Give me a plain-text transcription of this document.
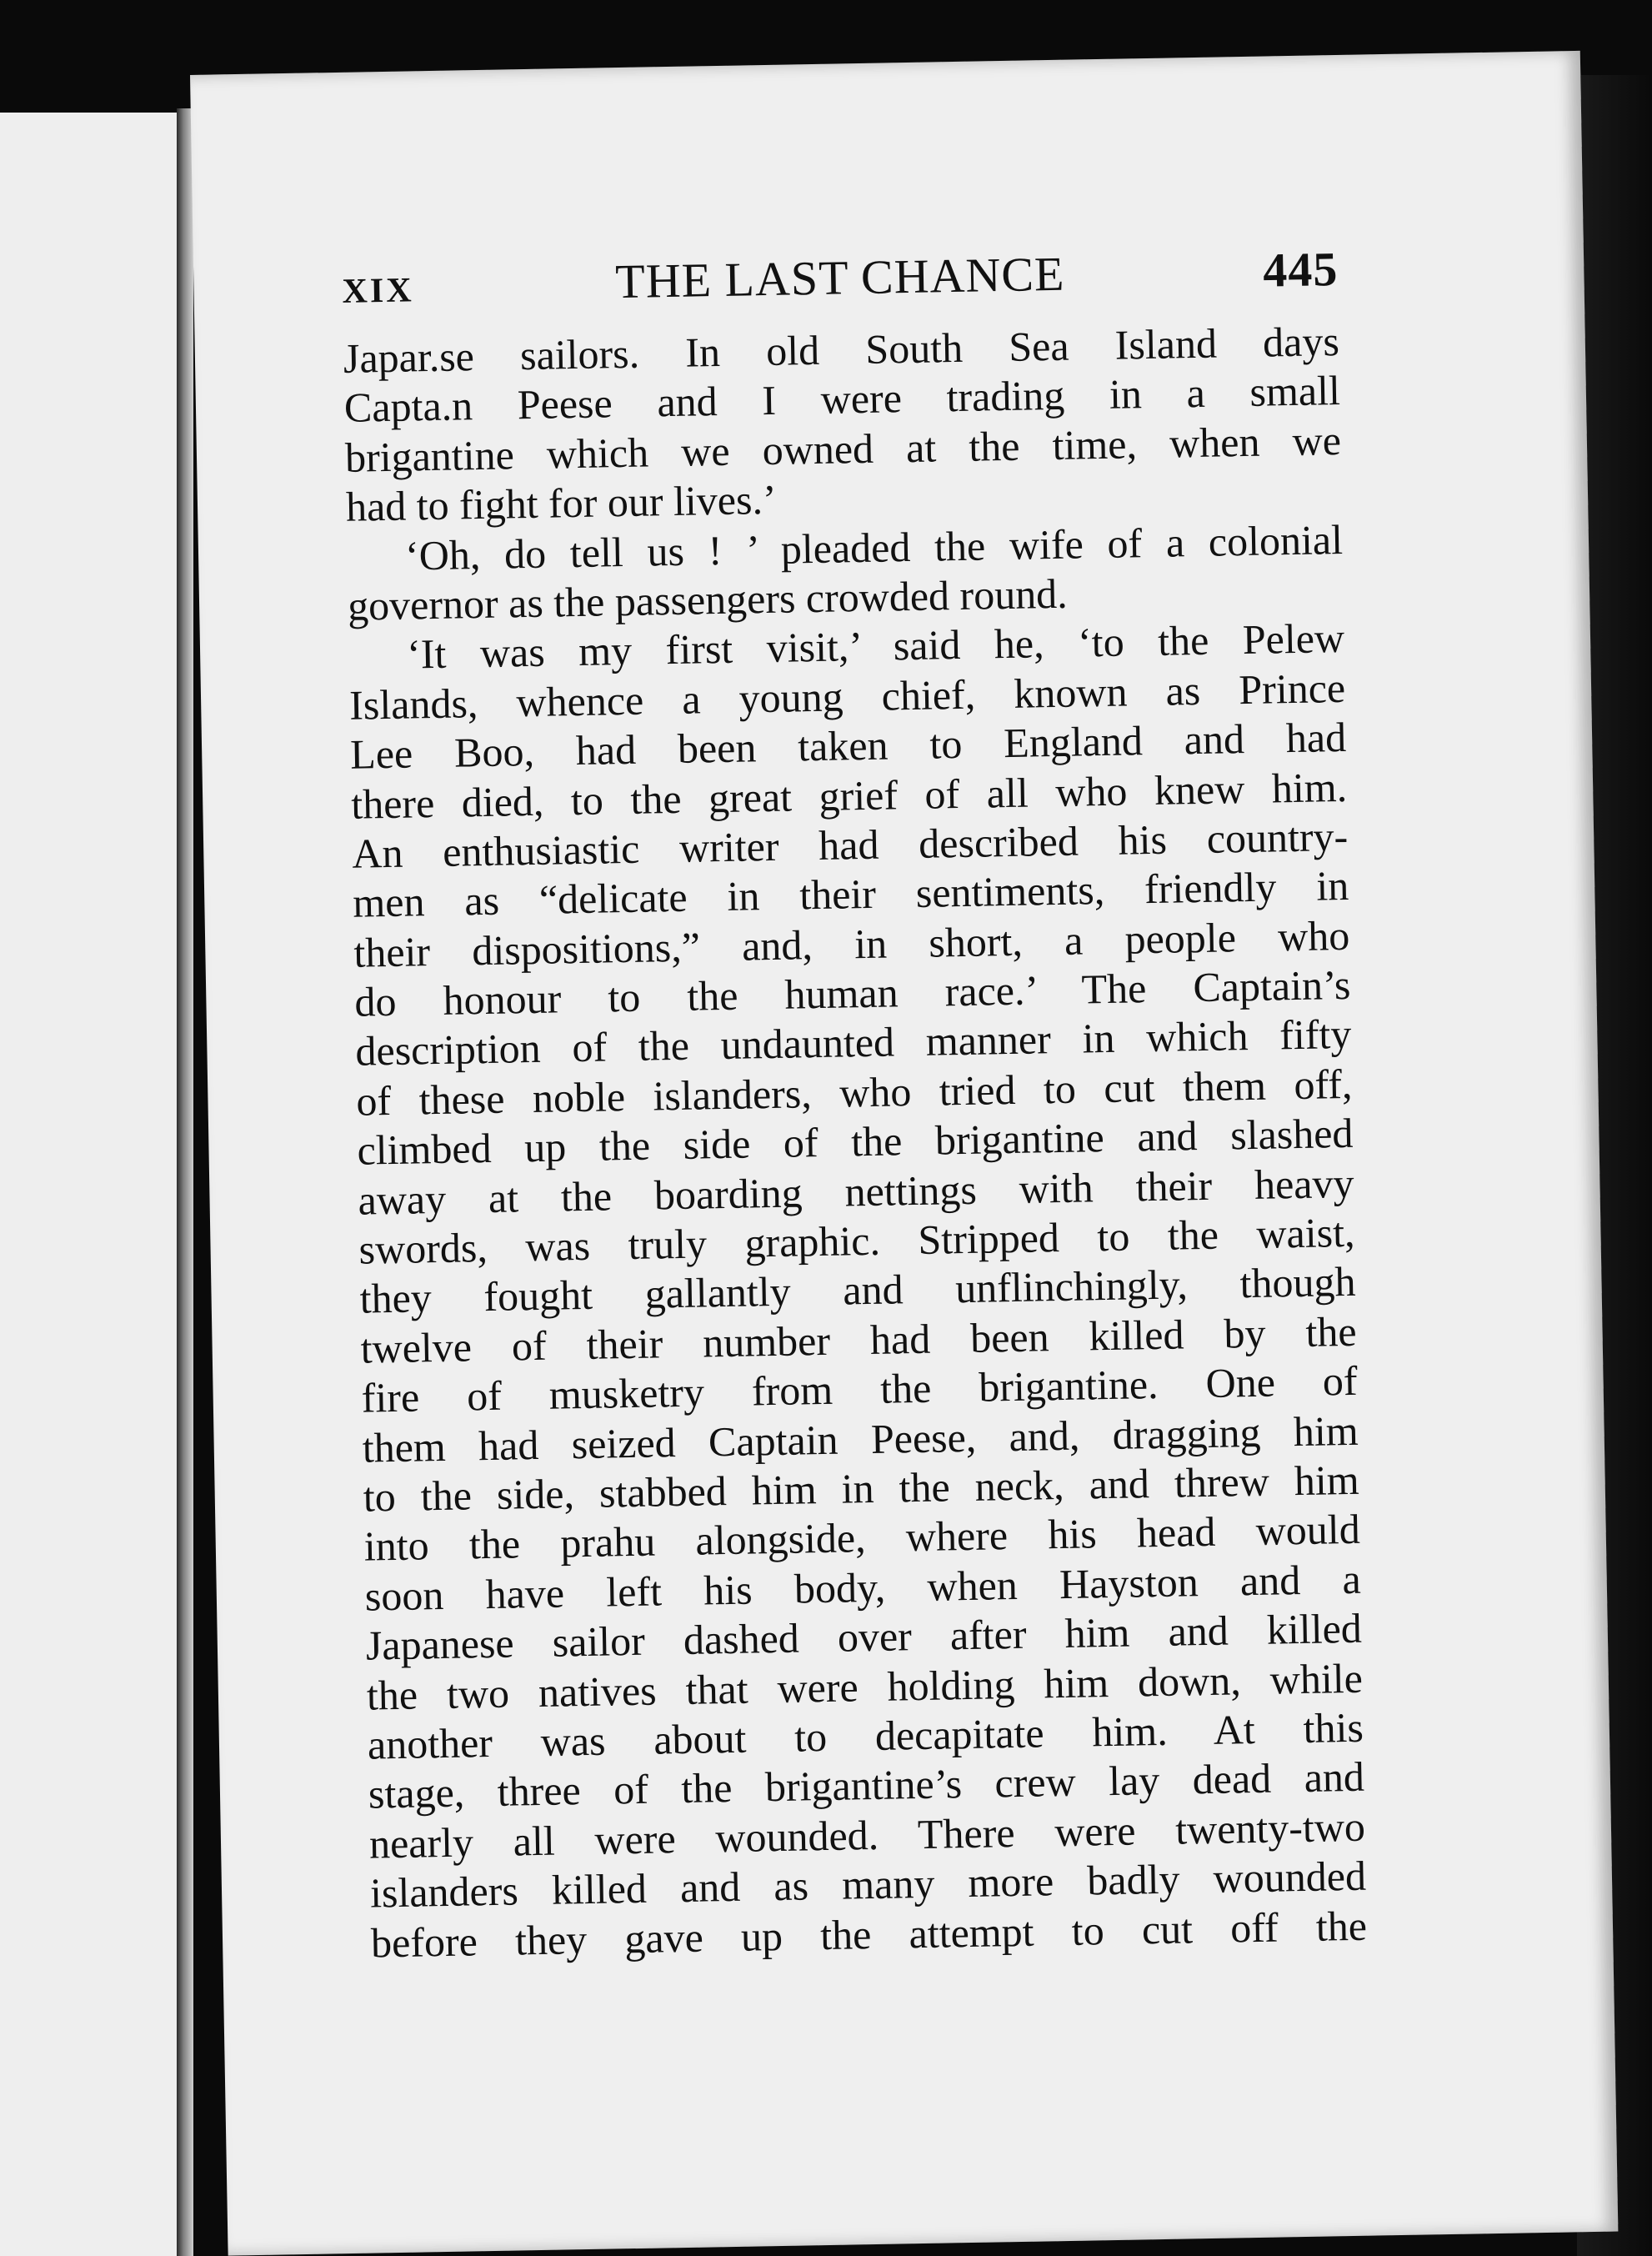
XIX	THE LAST CHANCE	445
Japar.se sailors. In old South Sea Island days
Capta.n Peese and I were trading in a small
brigantine which we owned at the time, when we
had to fight for our lives.’
‘Oh, do tell us ! ’ pleaded the wife of a colonial
governor as the passengers crowded round.
‘It was my first visit,’ said he, ‘to the Pelew
Islands, whence a young chief, known as Prince
Lee Boo, had been taken to England and had
there died, to the great grief of all who knew him.
An enthusiastic writer had described his country-
men as “delicate in their sentiments, friendly in
their dispositions,” and, in short, a people who
do honour to the human race.’ The Captain’s
description of the undaunted manner in which fifty
of these noble islanders, who tried to cut them off,
climbed up the side of the brigantine and slashed
away at the boarding nettings with their heavy
swords, was truly graphic. Stripped to the waist,
they fought gallantly and unflinchingly, though
twelve of their number had been killed by the
fire of musketry from the brigantine. One of
them had seized Captain Peese, and, dragging him
to the side, stabbed him in the neck, and threw him
into the prahu alongside, where his head would
soon have left his body, when Hayston and a
Japanese sailor dashed over after him and killed
the two natives that were holding him down, while
another was about to decapitate him. At this
stage, three of the brigantine’s crew lay dead and
nearly all were wounded. There were twenty-two
islanders killed and as many more badly wounded
before they gave up the attempt to cut off the
